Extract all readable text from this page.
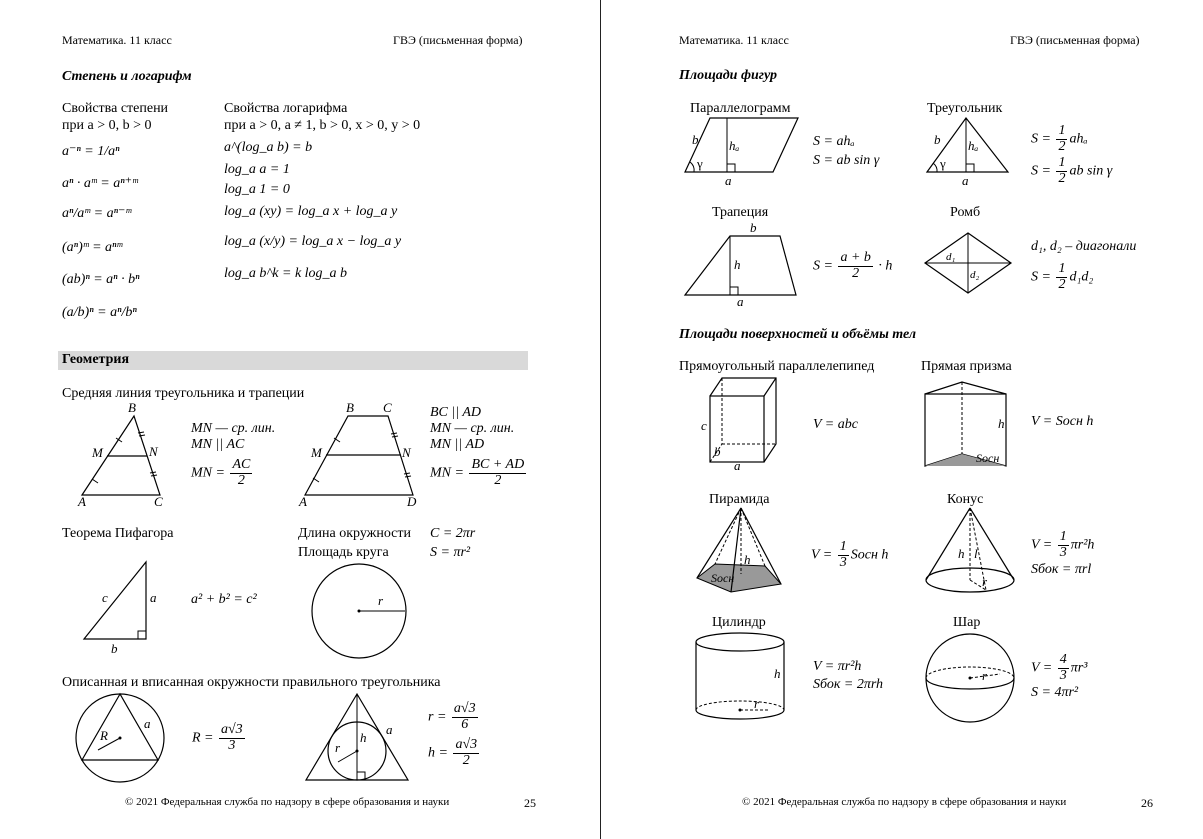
Математика. 11 класс	ГВЭ (письменная форма)
Степень и логарифм
Свойства степени
при a > 0, b > 0
Свойства логарифма
при a > 0, a ≠ 1, b > 0, x > 0, y > 0
a⁻ⁿ = 1/aⁿ
aⁿ · aᵐ = aⁿ⁺ᵐ
aⁿ/aᵐ = aⁿ⁻ᵐ
(aⁿ)ᵐ = aⁿᵐ
(ab)ⁿ = aⁿ · bⁿ
(a/b)ⁿ = aⁿ/bⁿ
a^(log_a b) = b
log_a a = 1
log_a 1 = 0
log_a (xy) = log_a x + log_a y
log_a (x/y) = log_a x − log_a y
log_a b^k = k log_a b
Геометрия
Средняя линия треугольника и трапеции
B
M	N
A	C
MN — ср. лин.
MN || AC
MN = $\frac{AC}{2}$
B C
M	N
A	D
BC || AD
MN — ср. лин.
MN || AD
MN = $\frac{BC + AD}{2}$
Теорема Пифагора
c	a
b
a² + b² = c²
Длина окружности C = 2πr
Площадь круга	S = πr²
r
Описанная и вписанная окружности правильного треугольника
R
a
$R = \frac{a√3}{3}$	h
r
a
$r = \frac{a√3}{6}$
$h = \frac{a√3}{2}$
© 2021 Федеральная служба по надзору в сфере образования и науки	25
Математика. 11 класс	ГВЭ (письменная форма)
Площади фигур
Параллелограмм
b hₐ
γ
a
S = ahₐ
S = ab sin γ
Треугольник
b hₐ
γ
a
$S = \frac{1}{2}$ ahₐ
$S = \frac{1}{2}$ ab sin γ
Трапеция
b
h
a
$S = \frac{a + b}{2} \cdot h$
Ромб
d₁
d₂
d₁, d₂ – диагонали
$S = \frac{1}{2} d_1d_2$
Площади поверхностей и объёмы тел
Прямоугольный параллелепипед
c
b
a
V = abc
Прямая призма
h
Sосн
V = Sосн h
Пирамида
h
Sосн
$V = \frac{1}{3}$ Sосн h
Конус
h l
r
$V = \frac{1}{3} \pi r^2h$
Sбок = πrl
Цилиндр
h
r
V = πr²h
Sбок = 2πrh
Шар
r
$V = \frac{4}{3} \pi r^3$
S = 4πr²
© 2021 Федеральная служба по надзору в сфере образования и науки	26
